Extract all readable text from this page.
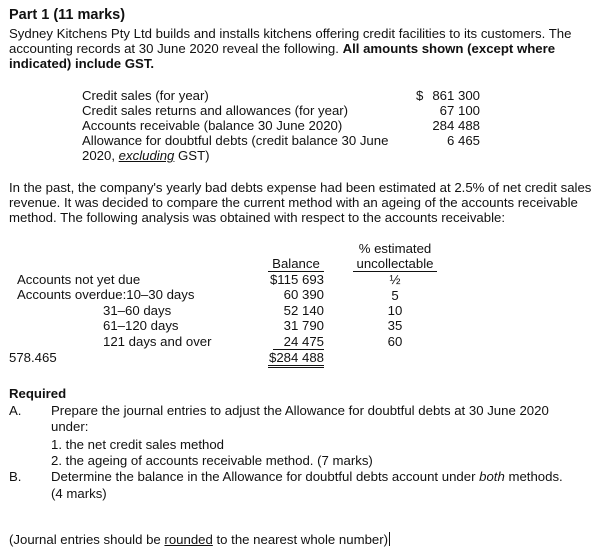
Part 1 (11 marks)
Sydney Kitchens Pty Ltd builds and installs kitchens offering credit facilities to its customers. The
accounting records at 30 June 2020 reveal the following. All amounts shown (except where
indicated) include GST.
Credit sales (for year)
Credit sales returns and allowances (for year)
Accounts receivable (balance 30 June 2020)
Allowance for doubtful debts (credit balance 30 June
2020, excluding GST)
$ 861 300
67 100
284 488
6 465
In the past, the company's yearly bad debts expense had been estimated at 2.5% of net credit sales
revenue. It was decided to compare the current method with an ageing of the accounts receivable
method. The following analysis was obtained with respect to the accounts receivable:
% estimated
uncollectable
Balance
Accounts not yet due
Accounts overdue:10–30 days
31–60 days
61–120 days
121 days and over
$115 693
60 390
52 140
31 790
24 475
$284 488
½
5
10
35
60
578.465
Required
A. Prepare the journal entries to adjust the Allowance for doubtful debts at 30 June 2020
under:
1. the net credit sales method
2. the ageing of accounts receivable method. (7 marks)
B. Determine the balance in the Allowance for doubtful debts account under both methods.
(4 marks)
(Journal entries should be rounded to the nearest whole number)
